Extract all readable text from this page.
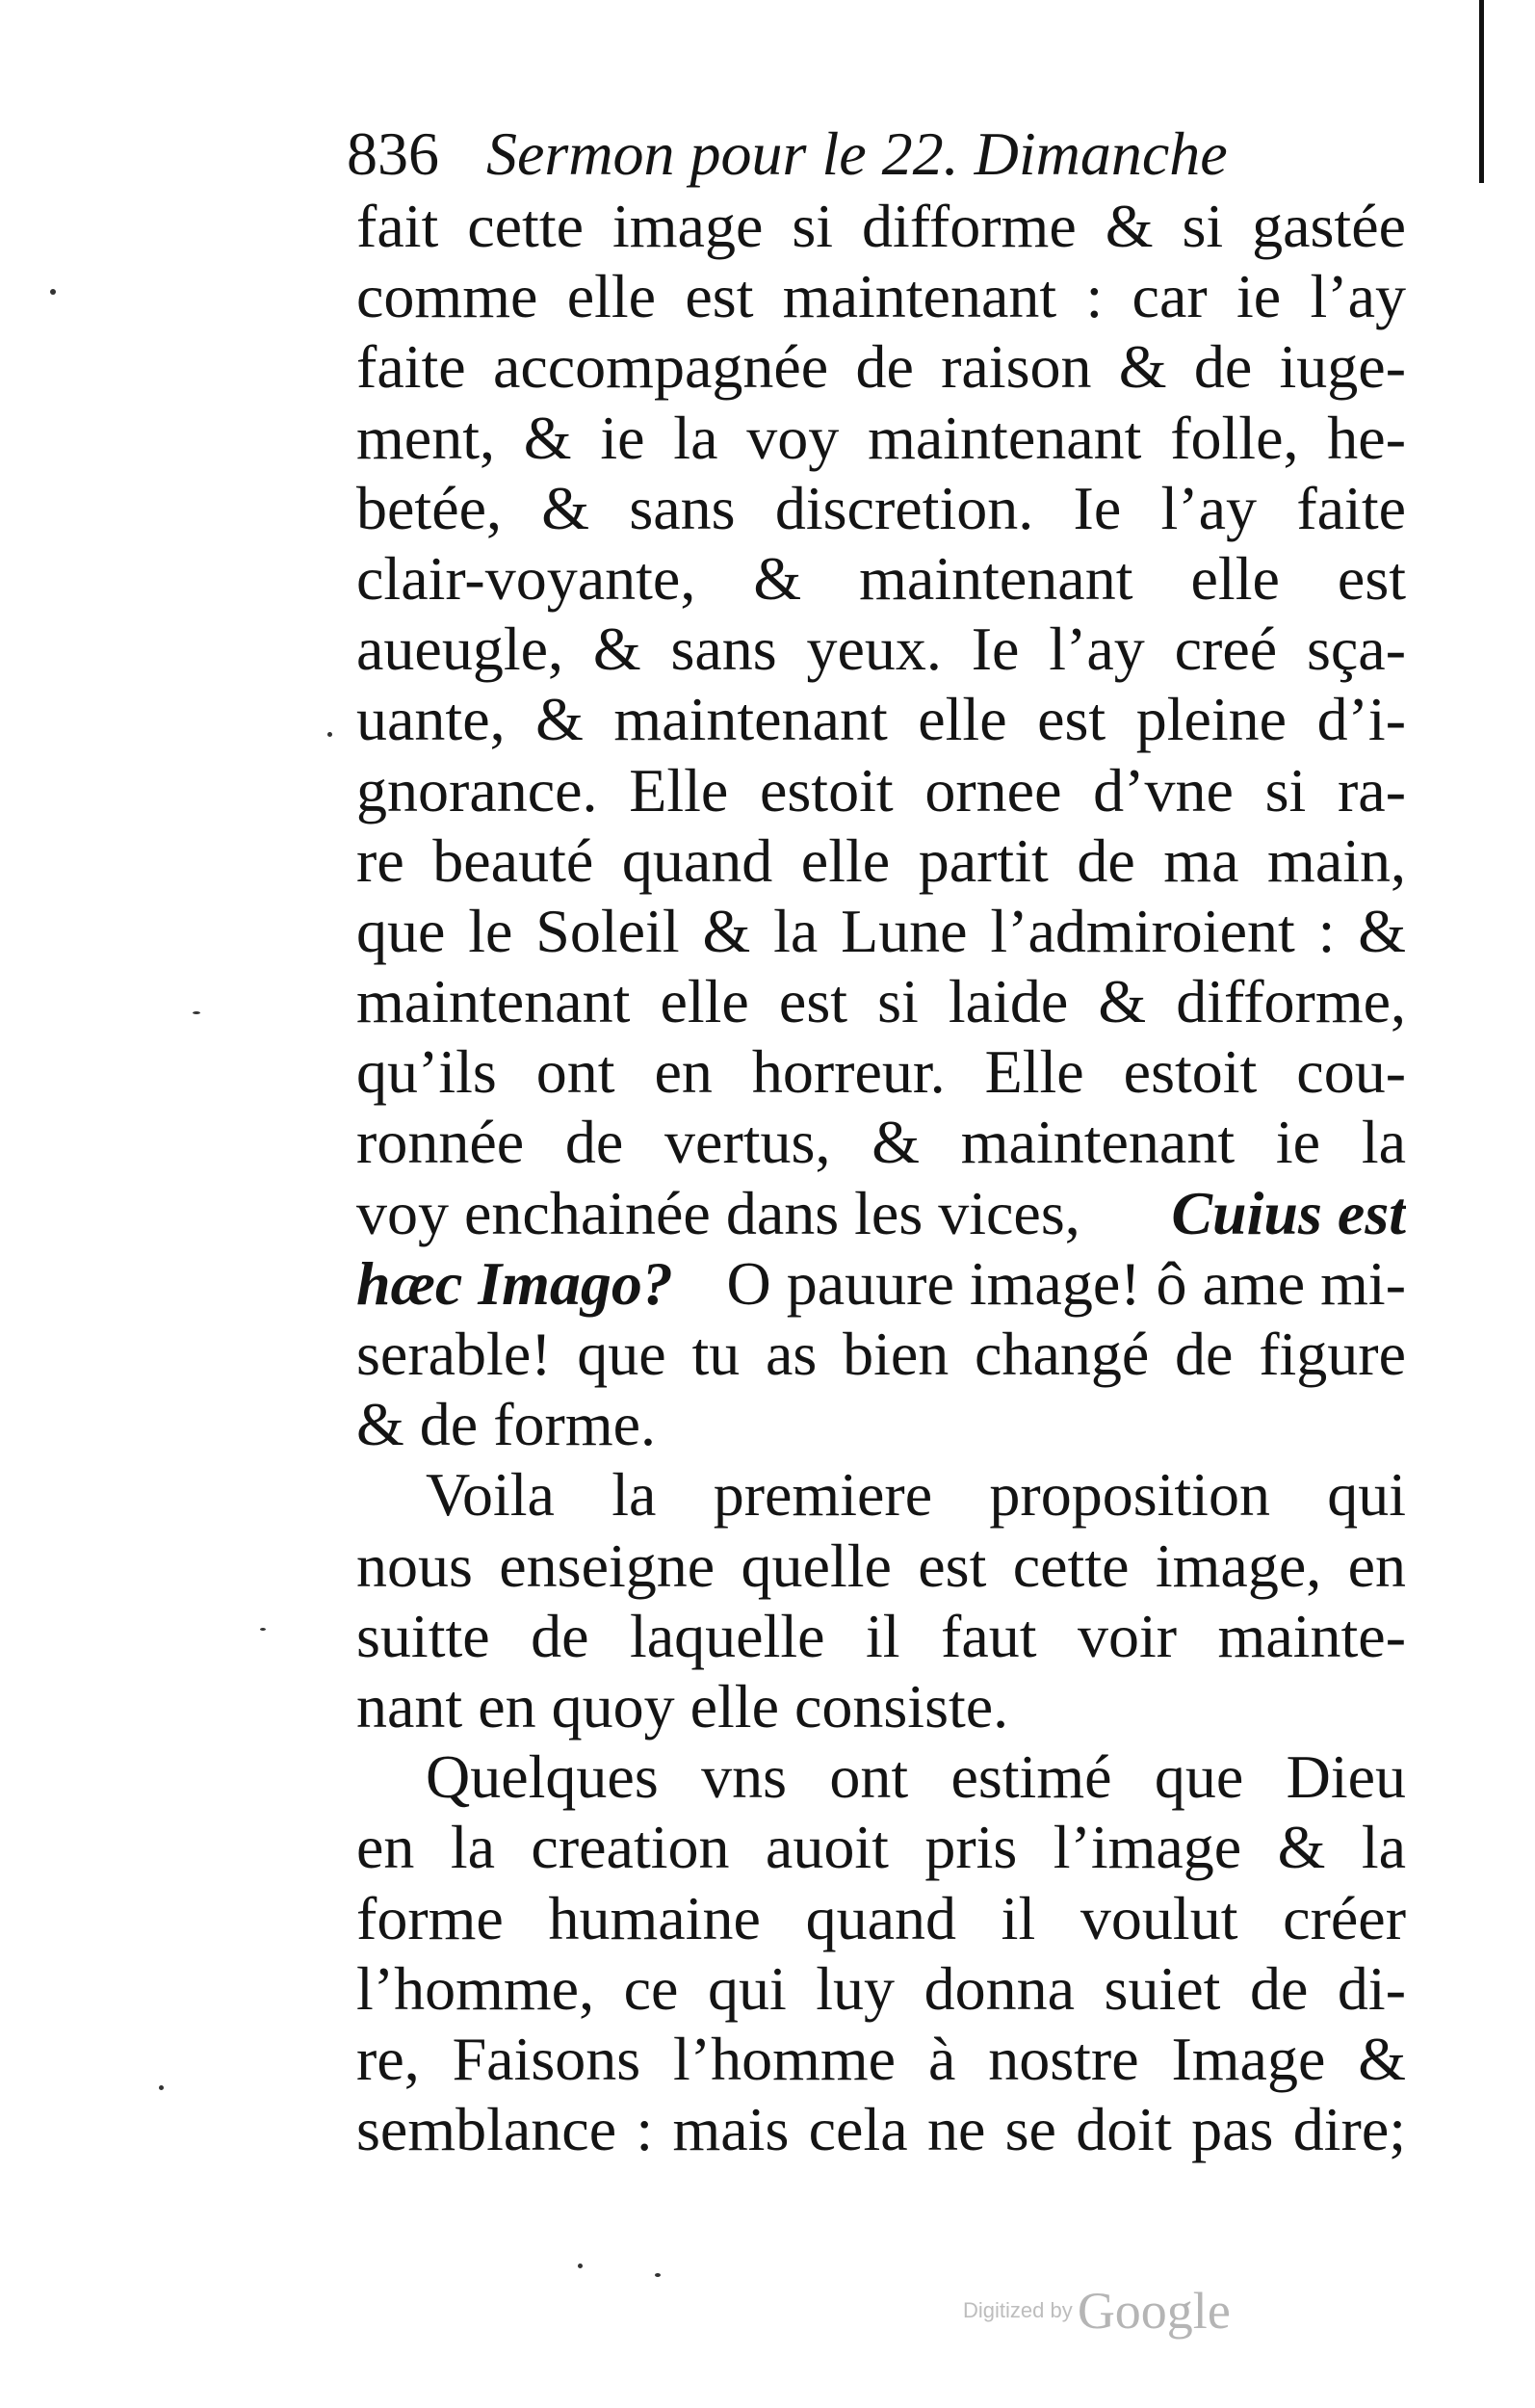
836 Sermon pour le 22. Dimanche
fait cette image si difforme & si gastée
comme elle est maintenant : car ie l’ay
faite accompagnée de raison & de iuge-
ment, & ie la voy maintenant folle, he-
betée, & sans discretion. Ie l’ay faite
clair-voyante, & maintenant elle est
aueugle, & sans yeux. Ie l’ay creé sça-
uante, & maintenant elle est pleine d’i-
gnorance. Elle estoit ornee d’vne si ra-
re beauté quand elle partit de ma main,
que le Soleil & la Lune l’admiroient : &
maintenant elle est si laide & difforme,
qu’ils ont en horreur. Elle estoit cou-
ronnée de vertus, & maintenant ie la
voy enchainée dans les vices, Cuius est
hæc Imago? O pauure image! ô ame mi-
serable! que tu as bien changé de figure
& de forme.
Voila la premiere proposition qui
nous enseigne quelle est cette image, en
suitte de laquelle il faut voir mainte-
nant en quoy elle consiste.
Quelques vns ont estimé que Dieu
en la creation auoit pris l’image & la
forme humaine quand il voulut créer
l’homme, ce qui luy donna suiet de di-
re, Faisons l’homme à nostre Image &
semblance : mais cela ne se doit pas dire;
Digitized by Google
